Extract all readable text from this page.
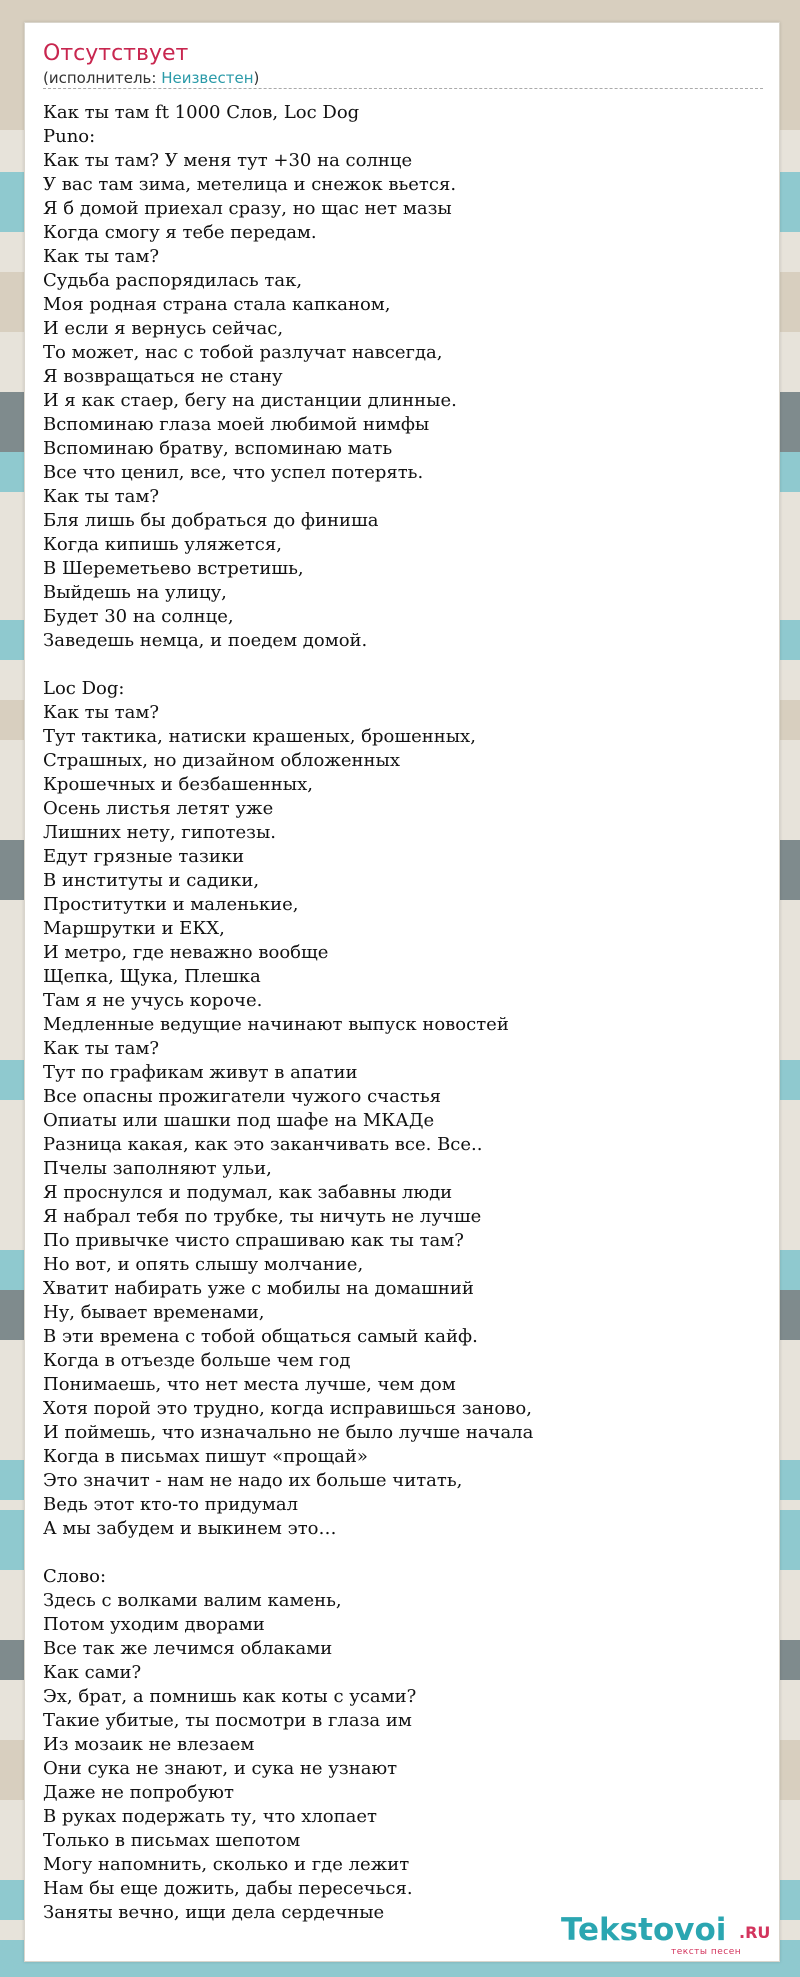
Отсутствует
(исполнитель: Неизвестен)
Как ты там ft 1000 Слов, Loc Dog
Puno:
Как ты там? У меня тут +30 на солнце
У вас там зима, метелица и снежок вьется.
Я б домой приехал сразу, но щас нет мазы
Когда смогу я тебе передам.
Как ты там?
Судьба распорядилась так,
Моя родная страна стала капканом,
И если я вернусь сейчас,
То может, нас с тобой разлучат навсегда,
Я возвращаться не стану
И я как стаер, бегу на дистанции длинные.
Вспоминаю глаза моей любимой нимфы
Вспоминаю братву, вспоминаю мать
Все что ценил, все, что успел потерять.
Как ты там?
Бля лишь бы добраться до финиша
Когда кипишь уляжется,
В Шереметьево встретишь,
Выйдешь на улицу,
Будет 30 на солнце,
Заведешь немца, и поедем домой.
Loc Dog:
Как ты там?
Тут тактика, натиски крашеных, брошенных,
Страшных, но дизайном обложенных
Крошечных и безбашенных,
Осень листья летят уже
Лишних нету, гипотезы.
Едут грязные тазики
В институты и садики,
Проститутки и маленькие,
Маршрутки и ЕКХ,
И метро, где неважно вообще
Щепка, Щука, Плешка
Там я не учусь короче.
Медленные ведущие начинают выпуск новостей
Как ты там?
Тут по графикам живут в апатии
Все опасны прожигатели чужого счастья
Опиаты или шашки под шафе на МКАДе
Разница какая, как это заканчивать все. Все..
Пчелы заполняют ульи,
Я проснулся и подумал, как забавны люди
Я набрал тебя по трубке, ты ничуть не лучше
По привычке чисто спрашиваю как ты там?
Но вот, и опять слышу молчание,
Хватит набирать уже с мобилы на домашний
Ну, бывает временами,
В эти времена с тобой общаться самый кайф.
Когда в отъезде больше чем год
Понимаешь, что нет места лучше, чем дом
Хотя порой это трудно, когда исправишься заново,
И поймешь, что изначально не было лучше начала
Когда в письмах пишут «прощай»
Это значит - нам не надо их больше читать,
Ведь этот кто-то придумал
А мы забудем и выкинем это…
Слово:
Здесь с волками валим камень,
Потом уходим дворами
Все так же лечимся облаками
Как сами?
Эх, брат, а помнишь как коты с усами?
Такие убитые, ты посмотри в глаза им
Из мозаик не влезаем
Они сука не знают, и сука не узнают
Даже не попробуют
В руках подержать ту, что хлопает
Только в письмах шепотом
Могу напомнить, сколько и где лежит
Нам бы еще дожить, дабы пересечься.
Заняты вечно, ищи дела сердечные	Tekstovoi .RU
тексты песен
